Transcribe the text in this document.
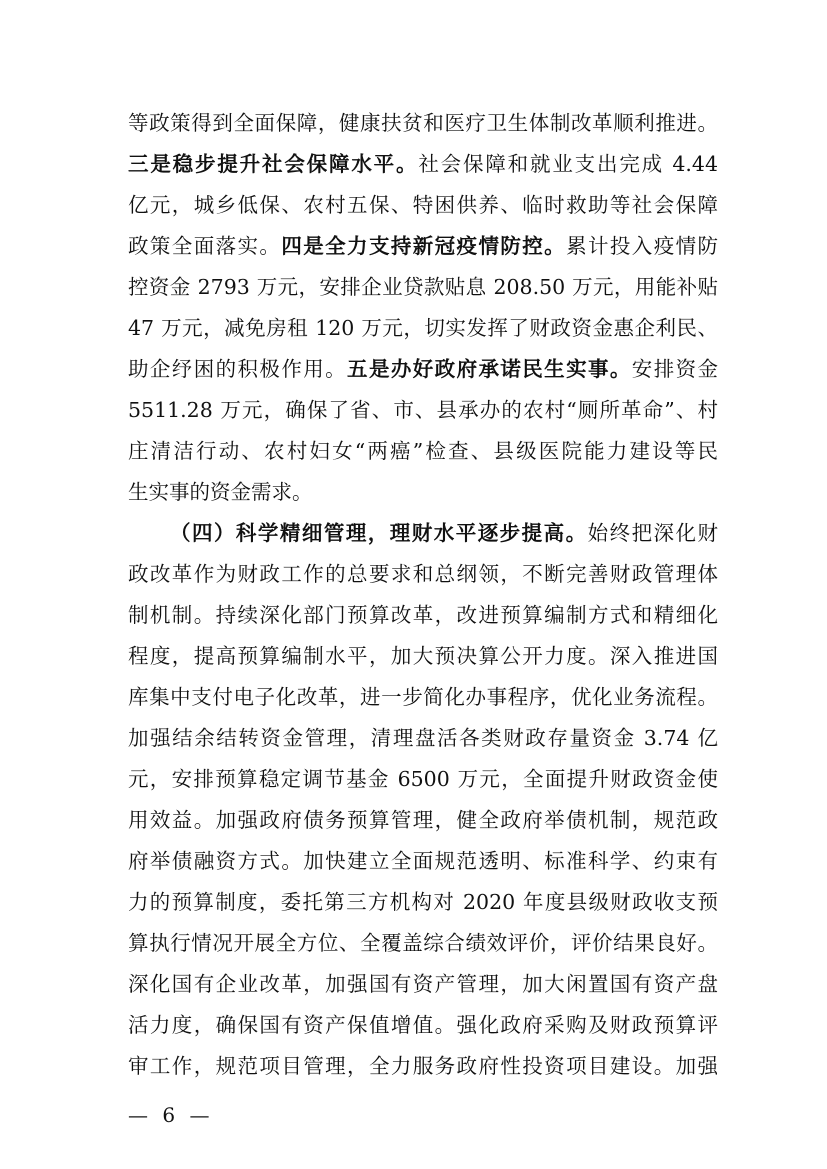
等政策得到全面保障，健康扶贫和医疗卫生体制改革顺利推进。
三是稳步提升社会保障水平。社会保障和就业支出完成 4.44
亿元，城乡低保、农村五保、特困供养、临时救助等社会保障
政策全面落实。四是全力支持新冠疫情防控。累计投入疫情防
控资金 2793 万元，安排企业贷款贴息 208.50 万元，用能补贴
47 万元，减免房租 120 万元，切实发挥了财政资金惠企利民、
助企纾困的积极作用。五是办好政府承诺民生实事。安排资金
5511.28 万元，确保了省、市、县承办的农村“厕所革命”、村
庄清洁行动、农村妇女“两癌”检查、县级医院能力建设等民
生实事的资金需求。
（四）科学精细管理，理财水平逐步提高。始终把深化财
政改革作为财政工作的总要求和总纲领，不断完善财政管理体
制机制。持续深化部门预算改革，改进预算编制方式和精细化
程度，提高预算编制水平，加大预决算公开力度。深入推进国
库集中支付电子化改革，进一步简化办事程序，优化业务流程。
加强结余结转资金管理，清理盘活各类财政存量资金 3.74 亿
元，安排预算稳定调节基金 6500 万元，全面提升财政资金使
用效益。加强政府债务预算管理，健全政府举债机制，规范政
府举债融资方式。加快建立全面规范透明、标准科学、约束有
力的预算制度，委托第三方机构对 2020 年度县级财政收支预
算执行情况开展全方位、全覆盖综合绩效评价，评价结果良好。
深化国有企业改革，加强国有资产管理，加大闲置国有资产盘
活力度，确保国有资产保值增值。强化政府采购及财政预算评
审工作，规范项目管理，全力服务政府性投资项目建设。加强
— 6 —
